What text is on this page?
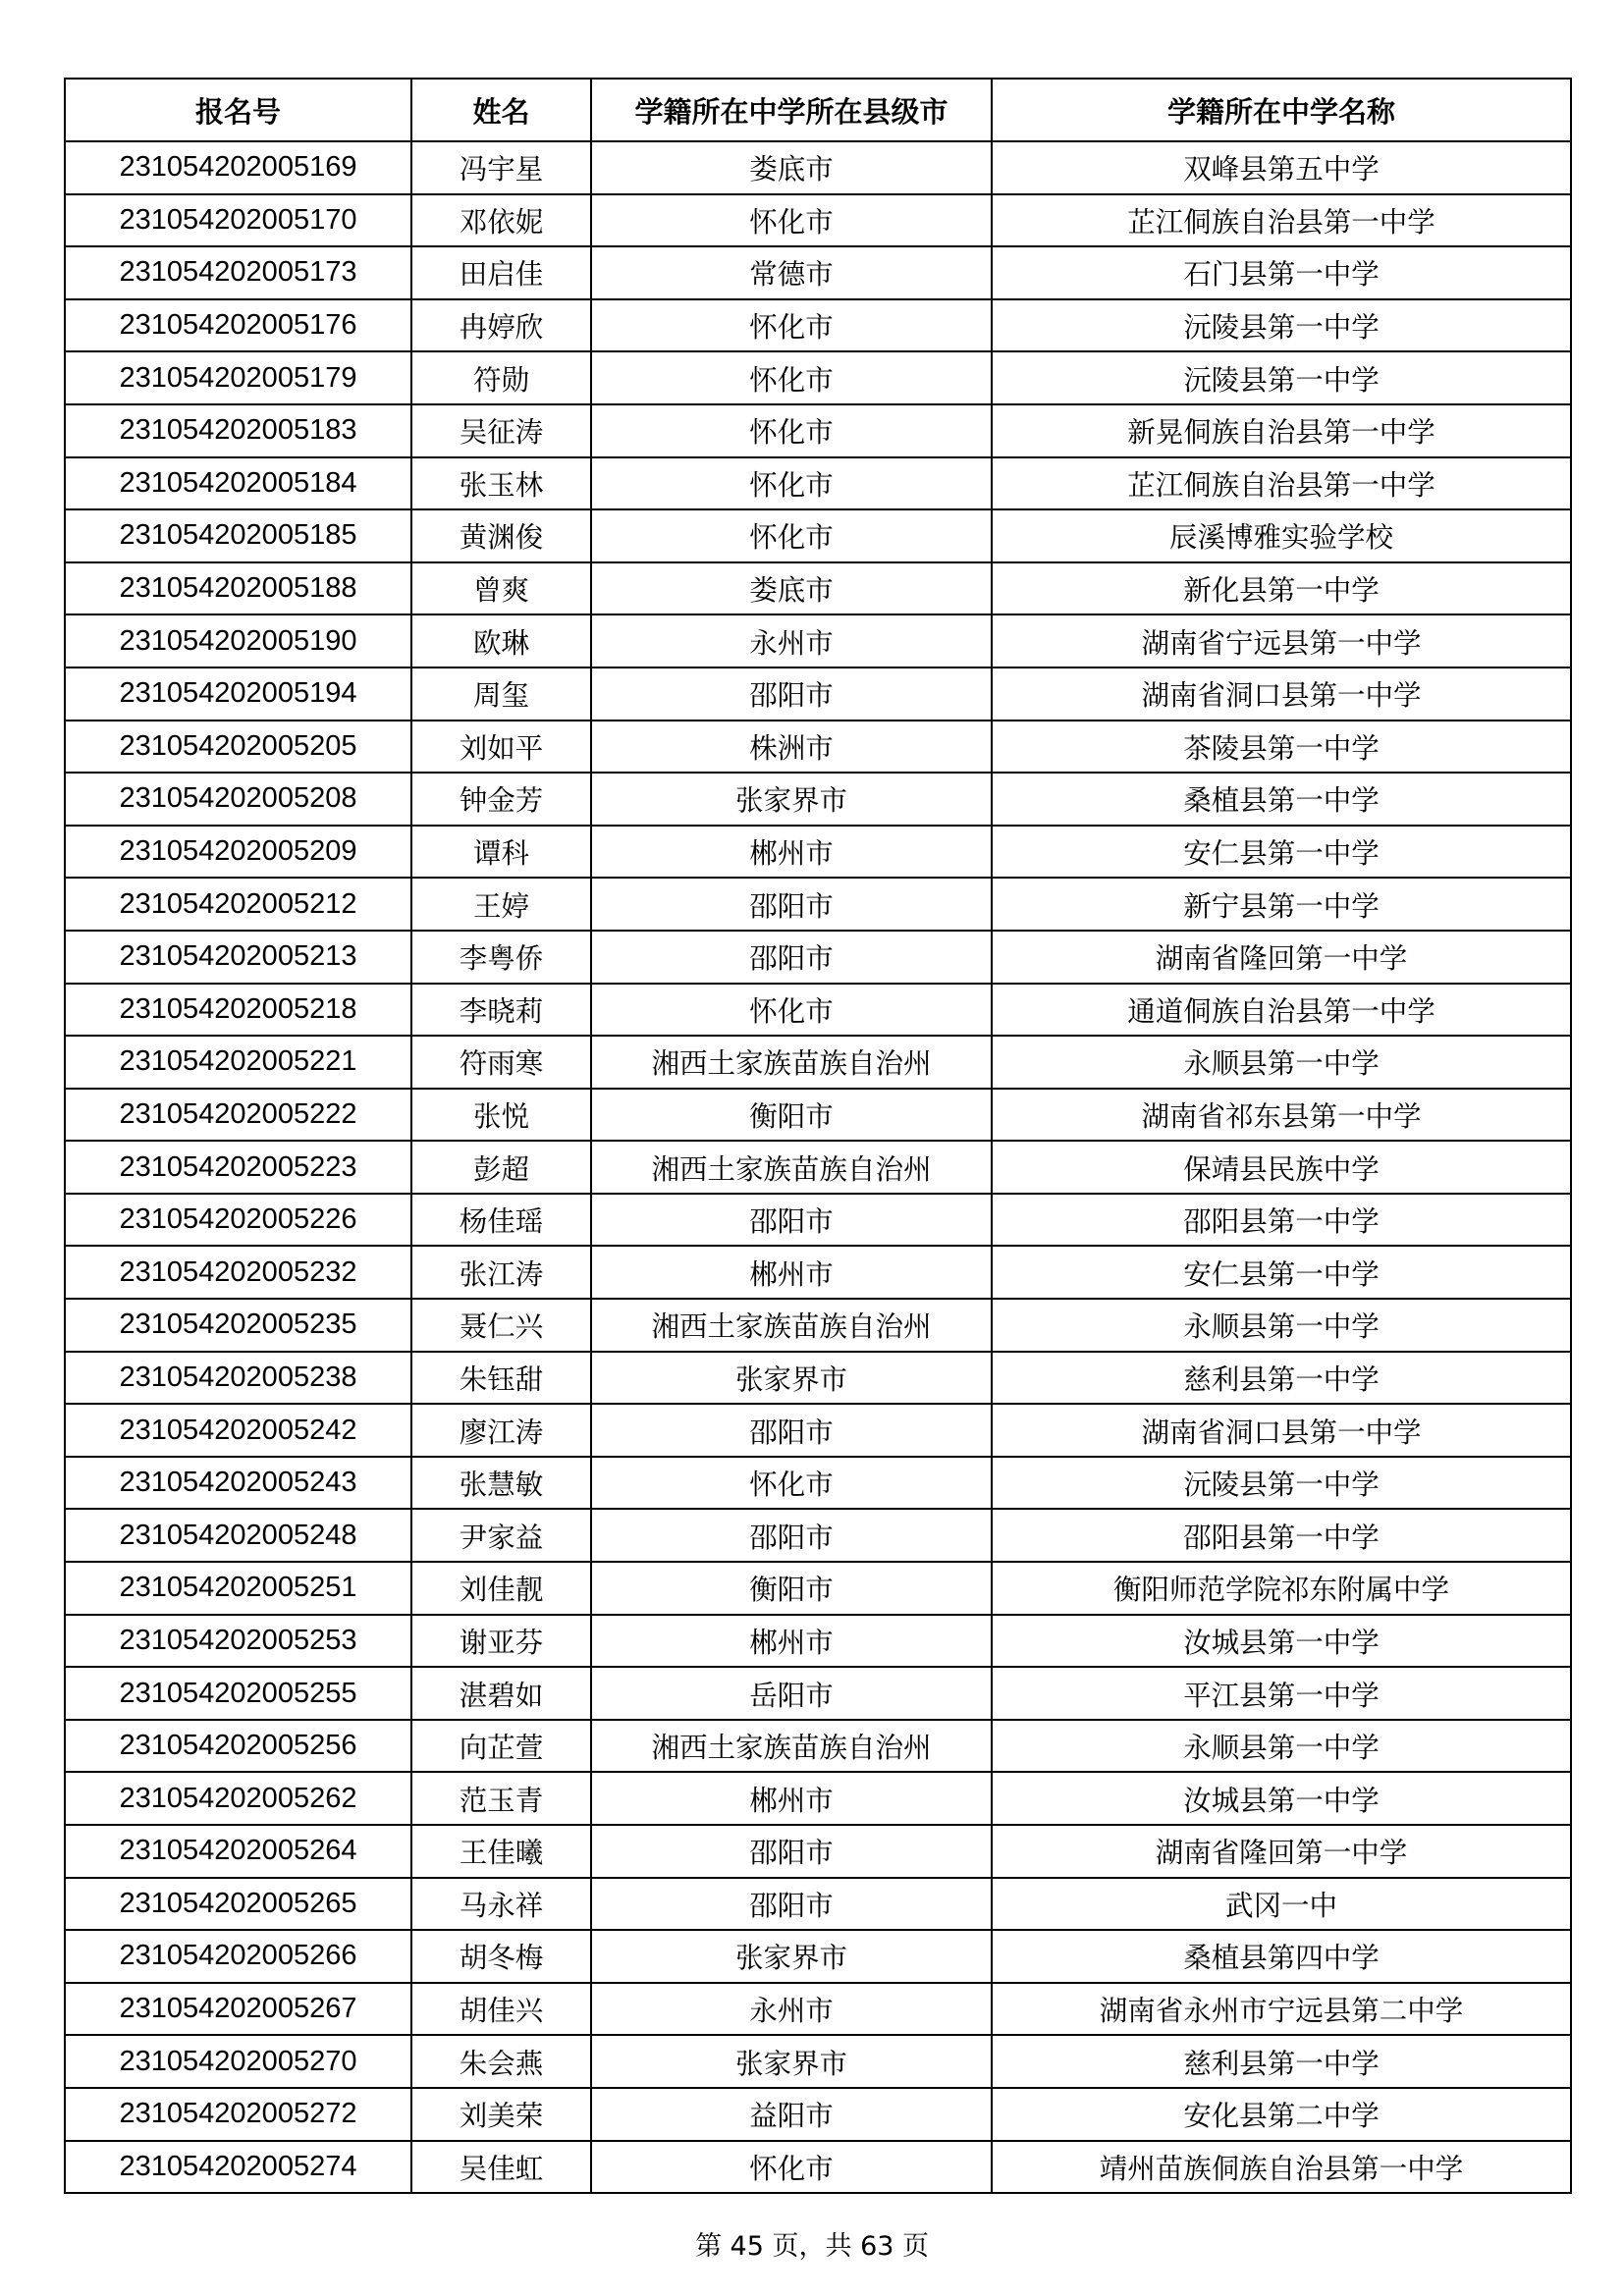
报名号	姓名	学籍所在中学所在县级市	学籍所在中学名称
231054202005169	冯宇星	娄底市	双峰县第五中学
231054202005170	邓依妮	怀化市	芷江侗族自治县第一中学
231054202005173	田启佳	常德市	石门县第一中学
231054202005176	冉婷欣	怀化市	沅陵县第一中学
231054202005179	符勋	怀化市	沅陵县第一中学
231054202005183	吴征涛	怀化市	新晃侗族自治县第一中学
231054202005184	张玉林	怀化市	芷江侗族自治县第一中学
231054202005185	黄渊俊	怀化市	辰溪博雅实验学校
231054202005188	曾爽	娄底市	新化县第一中学
231054202005190	欧琳	永州市	湖南省宁远县第一中学
231054202005194	周玺	邵阳市	湖南省洞口县第一中学
231054202005205	刘如平	株洲市	茶陵县第一中学
231054202005208	钟金芳	张家界市	桑植县第一中学
231054202005209	谭科	郴州市	安仁县第一中学
231054202005212	王婷	邵阳市	新宁县第一中学
231054202005213	李粤侨	邵阳市	湖南省隆回第一中学
231054202005218	李晓莉	怀化市	通道侗族自治县第一中学
231054202005221	符雨寒	湘西土家族苗族自治州	永顺县第一中学
231054202005222	张悦	衡阳市	湖南省祁东县第一中学
231054202005223	彭超	湘西土家族苗族自治州	保靖县民族中学
231054202005226	杨佳瑶	邵阳市	邵阳县第一中学
231054202005232	张江涛	郴州市	安仁县第一中学
231054202005235	聂仁兴	湘西土家族苗族自治州	永顺县第一中学
231054202005238	朱钰甜	张家界市	慈利县第一中学
231054202005242	廖江涛	邵阳市	湖南省洞口县第一中学
231054202005243	张慧敏	怀化市	沅陵县第一中学
231054202005248	尹家益	邵阳市	邵阳县第一中学
231054202005251	刘佳靓	衡阳市	衡阳师范学院祁东附属中学
231054202005253	谢亚芬	郴州市	汝城县第一中学
231054202005255	湛碧如	岳阳市	平江县第一中学
231054202005256	向芷萱	湘西土家族苗族自治州	永顺县第一中学
231054202005262	范玉青	郴州市	汝城县第一中学
231054202005264	王佳曦	邵阳市	湖南省隆回第一中学
231054202005265	马永祥	邵阳市	武冈一中
231054202005266	胡冬梅	张家界市	桑植县第四中学
231054202005267	胡佳兴	永州市	湖南省永州市宁远县第二中学
231054202005270	朱会燕	张家界市	慈利县第一中学
231054202005272	刘美荣	益阳市	安化县第二中学
231054202005274	吴佳虹	怀化市	靖州苗族侗族自治县第一中学
第 45 页，共 63 页
